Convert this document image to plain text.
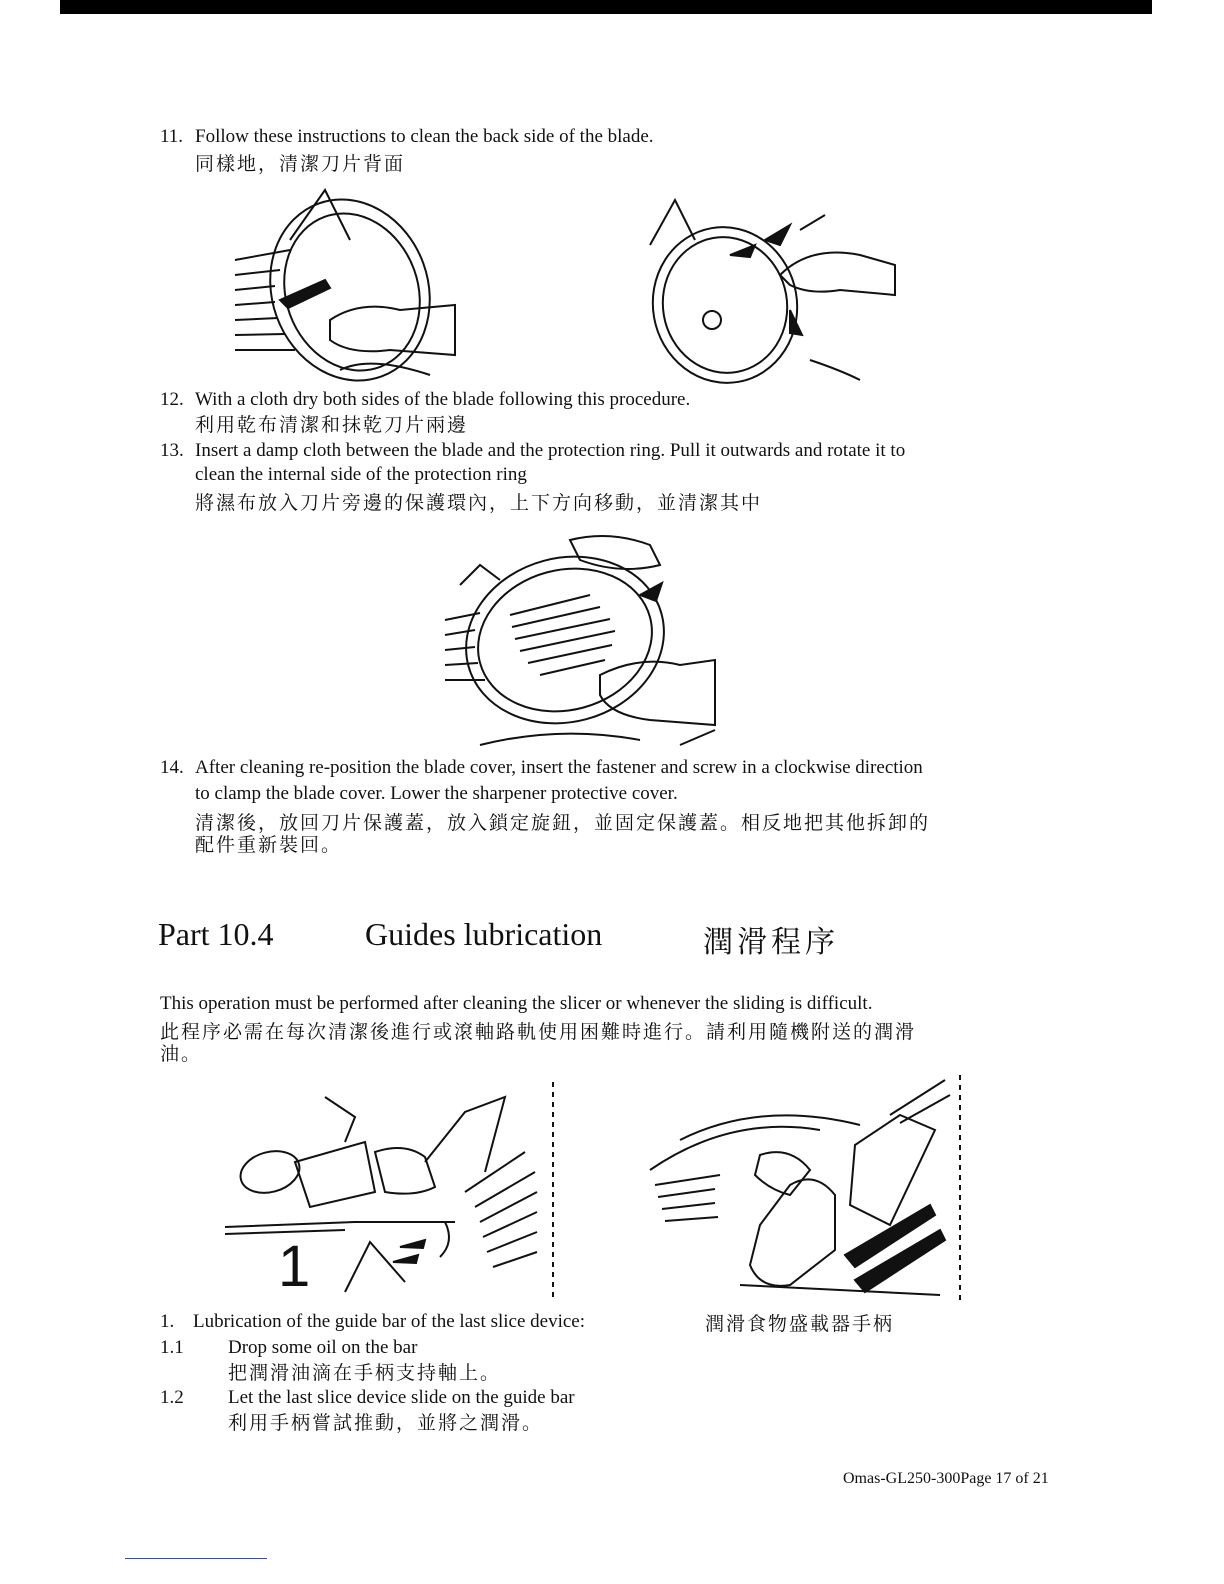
11. Follow these instructions to clean the back side of the blade.
同樣地，清潔刀片背面
12. With a cloth dry both sides of the blade following this procedure.
利用乾布清潔和抹乾刀片兩邊
13. Insert a damp cloth between the blade and the protection ring. Pull it outwards and rotate it to
clean the internal side of the protection ring
將濕布放入刀片旁邊的保護環內，上下方向移動，並清潔其中
14. After cleaning re-position the blade cover, insert the fastener and screw in a clockwise direction
to clamp the blade cover. Lower the sharpener protective cover.
清潔後，放回刀片保護蓋，放入鎖定旋鈕，並固定保護蓋。相反地把其他拆卸的
配件重新裝回。
Part 10.4	Guides lubrication	潤滑程序
This operation must be performed after cleaning the slicer or whenever the sliding is difficult.
此程序必需在每次清潔後進行或滾軸路軌使用困難時進行。請利用隨機附送的潤滑
油。
1
1. Lubrication of the guide bar of the last slice device:	潤滑食物盛載器手柄
1.1 Drop some oil on the bar
把潤滑油滴在手柄支持軸上。
1.2 Let the last slice device slide on the guide bar
利用手柄嘗試推動，並將之潤滑。
Omas-GL250-300Page 17 of 21
